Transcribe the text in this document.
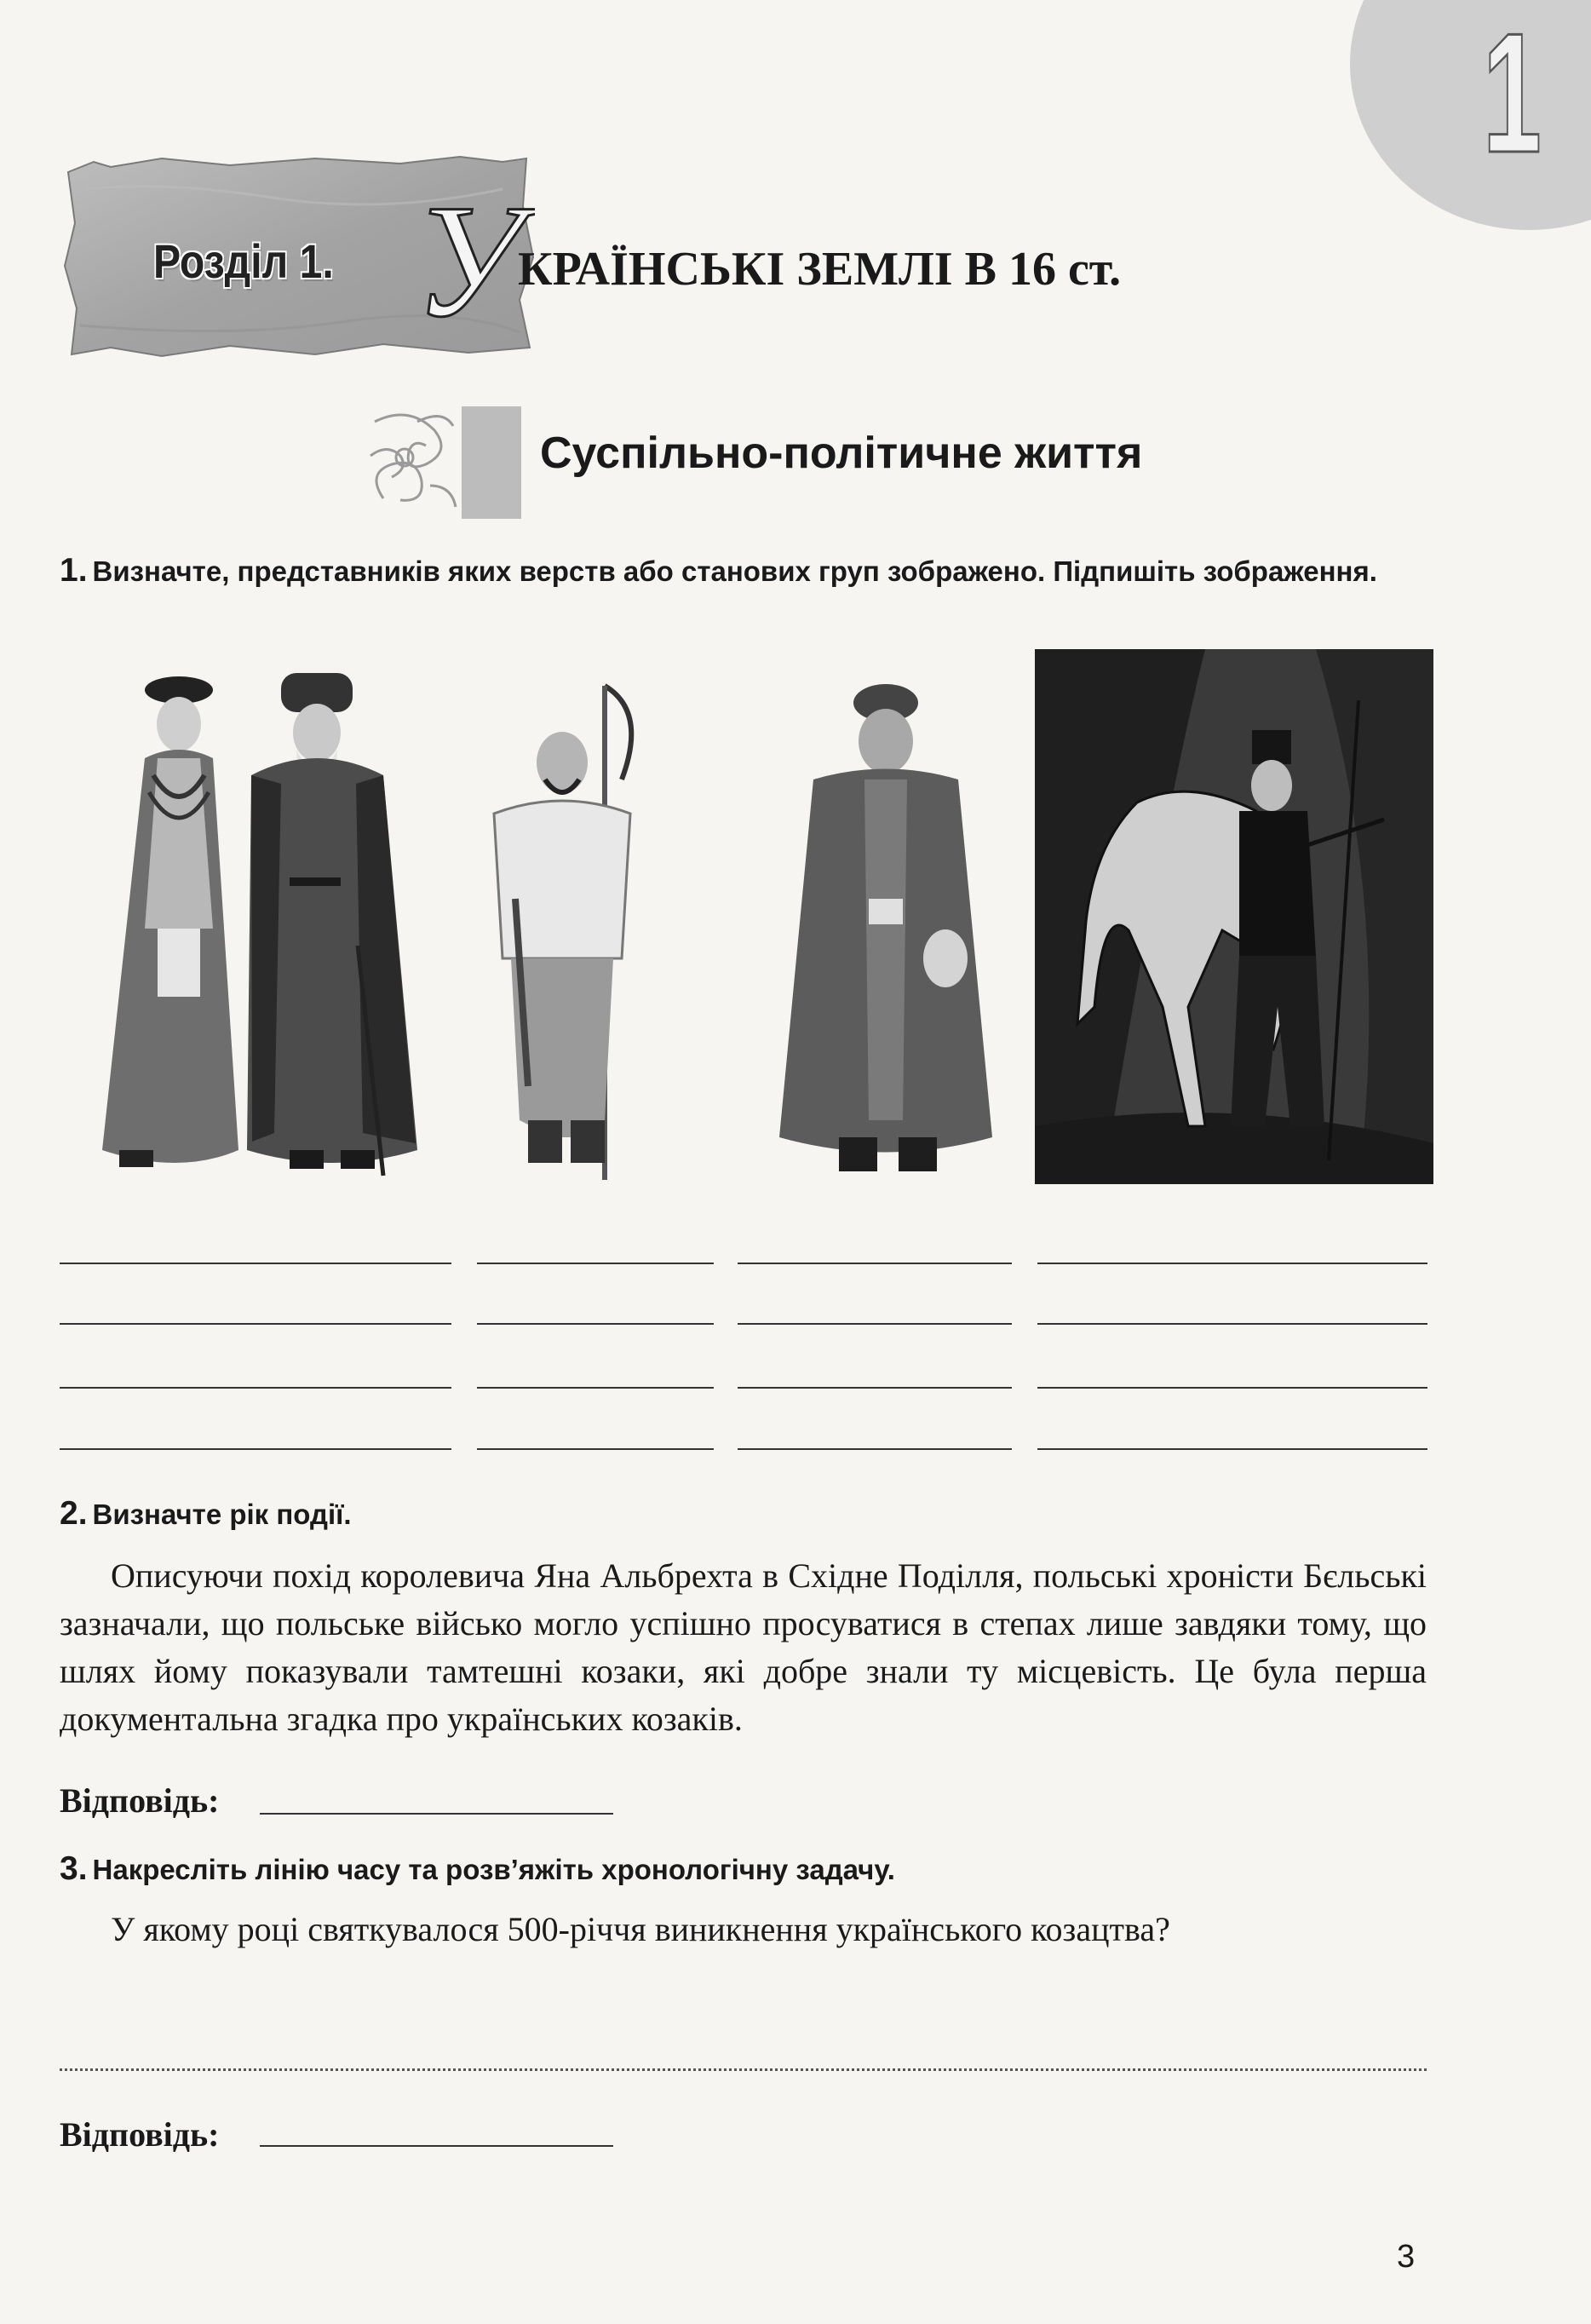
1
Розділ 1. У
КРАЇНСЬКІ ЗЕМЛІ В 16 ст.
Суспільно-політичне життя
1. Визначте, представників яких верств або станових груп зображено. Підпишіть зображення.
2. Визначте рік події.
Описуючи похід королевича Яна Альбрехта в Східне Поділля, польські хроністи Бєльські зазначали, що польське військо могло успішно просуватися в степах лише завдяки тому, що шлях йому показували тамтешні козаки, які добре знали ту місцевість. Це була перша документальна згадка про українських козаків.
Відповідь:
3. Накресліть лінію часу та розв’яжіть хронологічну задачу.
У якому році святкувалося 500-річчя виникнення українського козацтва?
Відповідь:
3
